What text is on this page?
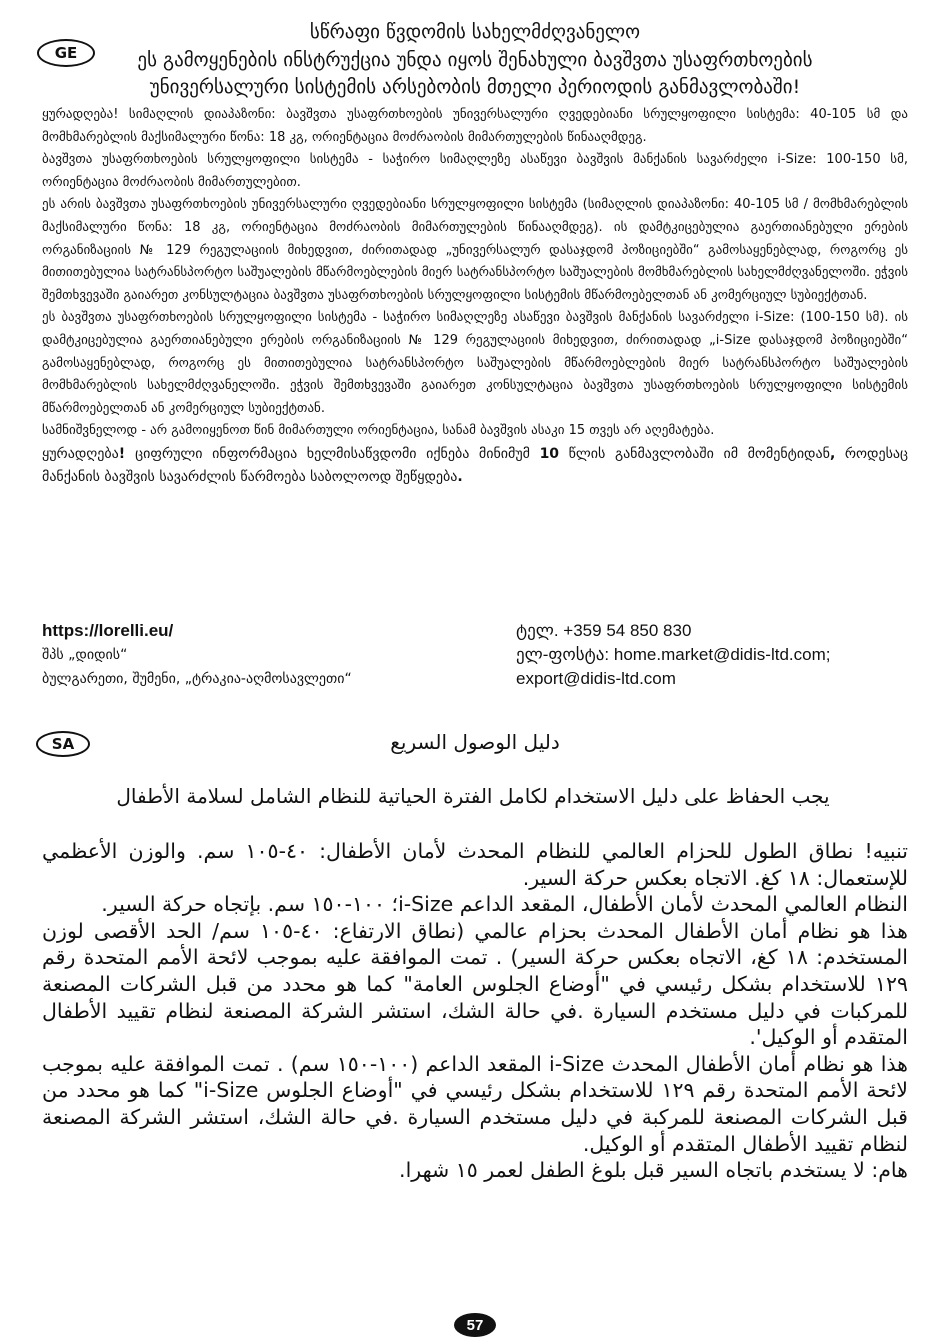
სწრაფი წვდომის სახელმძღვანელო

GE	ეს გამოყენების ინსტრუქცია უნდა იყოს შენახული ბავშვთა უსაფრთხოების

უნივერსალური სისტემის არსებობის მთელი პერიოდის განმავლობაში!

ყურადღება! სიმაღლის დიაპაზონი: ბავშვთა უსაფრთხოების უნივერსალური ღვედებიანი სრულყოფილი სისტემა: 40-105 სმ და მომხმარებლის მაქსიმალური წონა: 18 კგ, ორიენტაცია მოძრაობის მიმართულების წინააღმდეგ.

ბავშვთა უსაფრთხოების სრულყოფილი სისტემა - საჭირო სიმაღლეზე ასაწევი ბავშვის მანქანის სავარძელი i-Size: 100-150 სმ, ორიენტაცია მოძრაობის მიმართულებით.

ეს არის ბავშვთა უსაფრთხოების უნივერსალური ღვედებიანი სრულყოფილი სისტემა (სიმაღლის დიაპაზონი: 40-105 სმ / მომხმარებლის მაქსიმალური წონა: 18 კგ, ორიენტაცია მოძრაობის მიმართულების წინააღმდეგ). ის დამტკიცებულია გაერთიანებული ერების ორგანიზაციის № 129 რეგულაციის მიხედვით, ძირითადად „უნივერსალურ დასაჯდომ პოზიციებში“ გამოსაყენებლად, როგორც ეს მითითებულია სატრანსპორტო საშუალების მწარმოებლების მიერ სატრანსპორტო საშუალების მომხმარებლის სახელმძღვანელოში. ეჭვის შემთხვევაში გაიარეთ კონსულტაცია ბავშვთა უსაფრთხოების სრულყოფილი სისტემის მწარმოებელთან ან კომერციულ სუბიექტთან.

ეს ბავშვთა უსაფრთხოების სრულყოფილი სისტემა - საჭირო სიმაღლეზე ასაწევი ბავშვის მანქანის სავარძელი i-Size: (100-150 სმ). ის დამტკიცებულია გაერთიანებული ერების ორგანიზაციის № 129 რეგულაციის მიხედვით, ძირითადად „i-Size დასაჯდომ პოზიციებში“ გამოსაყენებლად, როგორც ეს მითითებულია სატრანსპორტო საშუალების მწარმოებლების მიერ სატრანსპორტო საშუალების მომხმარებლის სახელმძღვანელოში. ეჭვის შემთხვევაში გაიარეთ კონსულტაცია ბავშვთა უსაფრთხოების სრულყოფილი სისტემის მწარმოებელთან ან კომერციულ სუბიექტთან.

სამნიშვნელოდ - არ გამოიყენოთ წინ მიმართული ორიენტაცია, სანამ ბავშვის ასაკი 15 თვეს არ აღემატება.

ყურადღება! ციფრული ინფორმაცია ხელმისაწვდომი იქნება მინიმუმ 10 წლის განმავლობაში იმ მომენტიდან, როდესაც მანქანის ბავშვის სავარძლის წარმოება საბოლოოდ შეწყდება.

https://lorelli.eu/	ტელ. +359 54 850 830
შპს „დიდის“	ელ-ფოსტა: home.market@didis-ltd.com;
ბულგარეთი, შუმენი, „ტრაკია-აღმოსავლეთი“	export@didis-ltd.com

دليل الوصول السريع

SA

يجب الحفاظ على دليل الاستخدام لكامل الفترة الحياتية للنظام الشامل لسلامة الأطفال

تنبيه! نطاق الطول للحزام العالمي للنظام المحدث لأمان الأطفال: ٤٠-١٠٥ سم. والوزن الأعظمي للإستعمال: ١٨ كغ. الاتجاه بعكس حركة السير.

النظام العالمي المحدث لأمان الأطفال، المقعد الداعم i-Size؛ ١٠٠-١٥٠ سم. بإتجاه حركة السير.

هذا هو نظام أمان الأطفال المحدث بحزام عالمي (نطاق الارتفاع: ٤٠-١٠٥ سم/ الحد الأقصى لوزن المستخدم: ١٨ كغ، الاتجاه بعكس حركة السير) . تمت الموافقة عليه بموجب لائحة الأمم المتحدة رقم ١٢٩ للاستخدام بشكل رئيسي في "أوضاع الجلوس العامة" كما هو محدد من قبل الشركات المصنعة للمركبات في دليل مستخدم السيارة .في حالة الشك، استشر الشركة المصنعة لنظام تقييد الأطفال المتقدم أو الوكيل'.

هذا هو نظام أمان الأطفال المحدث i-Size المقعد الداعم (١٠٠-١٥٠ سم) . تمت الموافقة عليه بموجب لائحة الأمم المتحدة رقم ١٢٩ للاستخدام بشكل رئيسي في "أوضاع الجلوس i-Size" كما هو محدد من قبل الشركات المصنعة للمركبة في دليل مستخدم السيارة .في حالة الشك، استشر الشركة المصنعة لنظام تقييد الأطفال المتقدم أو الوكيل.

هام: لا يستخدم باتجاه السير قبل بلوغ الطفل لعمر ١٥ شهرا.

57
